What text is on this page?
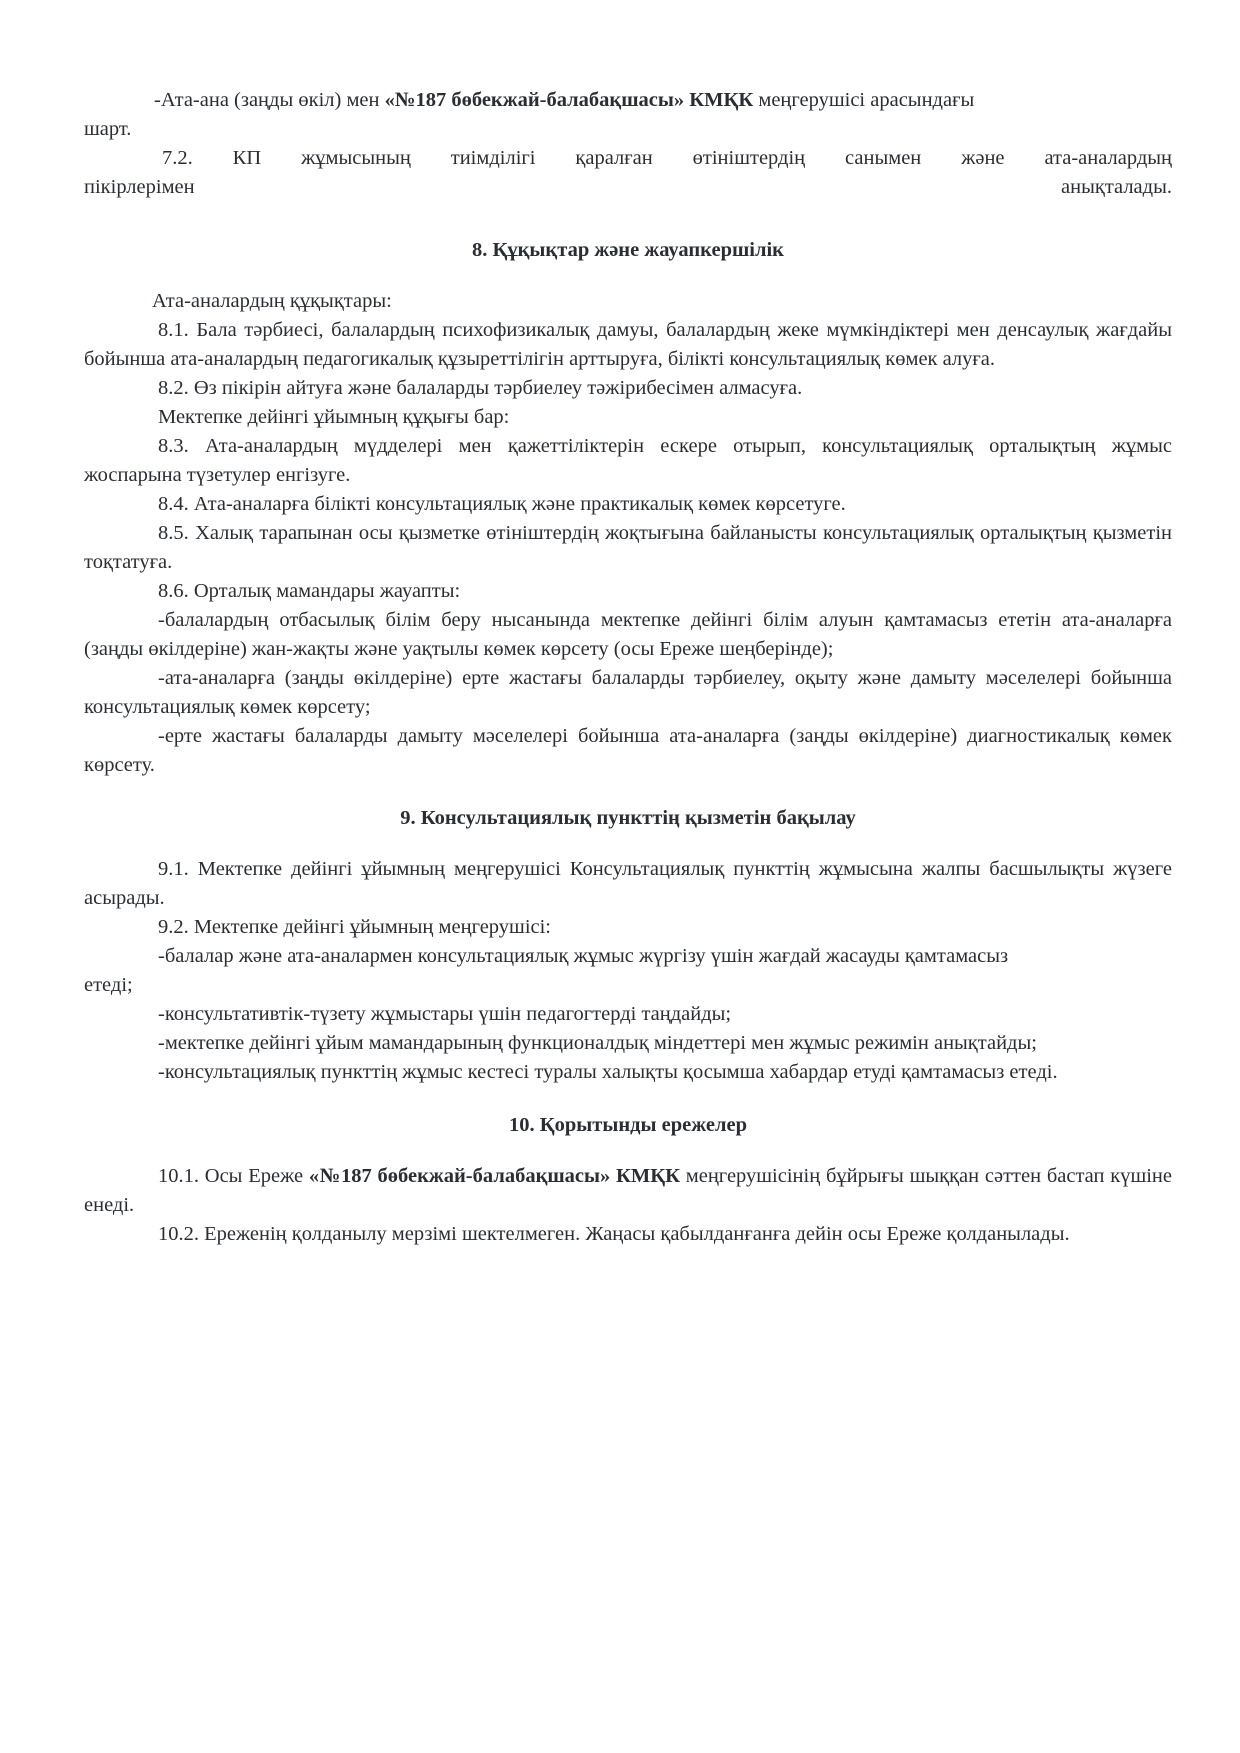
-Ата-ана (заңды өкіл) мен «№187 бөбекжай-балабақшасы» КМҚК меңгерушісі арасындағы

шарт.

7.2. КП жұмысының тиімділігі қаралған өтініштердің санымен және ата-аналардың

пікірлерімен анықталады.

8. Құқықтар және жауапкершілік

Ата-аналардың құқықтары:

8.1. Бала тәрбиесі, балалардың психофизикалық дамуы, балалардың жеке мүмкіндіктері мен денсаулық жағдайы бойынша ата-аналардың педагогикалық құзыреттілігін арттыруға, білікті консультациялық көмек алуға.

8.2. Өз пікірін айтуға және балаларды тәрбиелеу тәжірибесімен алмасуға.

Мектепке дейінгі ұйымның құқығы бар:

8.3. Ата-аналардың мүдделері мен қажеттіліктерін ескере отырып, консультациялық орталықтың жұмыс жоспарына түзетулер енгізуге.

8.4. Ата-аналарға білікті консультациялық және практикалық көмек көрсетуге.

8.5. Халық тарапынан осы қызметке өтініштердің жоқтығына байланысты консультациялық орталықтың қызметін тоқтатуға.

8.6. Орталық мамандары жауапты:

-балалардың отбасылық білім беру нысанында мектепке дейінгі білім алуын қамтамасыз ететін ата-аналарға (заңды өкілдеріне) жан-жақты және уақтылы көмек көрсету (осы Ереже шеңберінде);

-ата-аналарға (заңды өкілдеріне) ерте жастағы балаларды тәрбиелеу, оқыту және дамыту мәселелері бойынша консультациялық көмек көрсету;

-ерте жастағы балаларды дамыту мәселелері бойынша ата-аналарға (заңды өкілдеріне) диагностикалық көмек көрсету.

9. Консультациялық пункттің қызметін бақылау

9.1. Мектепке дейінгі ұйымның меңгерушісі Консультациялық пункттің жұмысына жалпы басшылықты жүзеге асырады.

9.2. Мектепке дейінгі ұйымның меңгерушісі:

-балалар және ата-аналармен консультациялық жұмыс жүргізу үшін жағдай жасауды қамтамасыз етеді;

-консультативтік-түзету жұмыстары үшін педагогтерді таңдайды;

-мектепке дейінгі ұйым мамандарының функционалдық міндеттері мен жұмыс режимін анықтайды;

-консультациялық пункттің жұмыс кестесі туралы халықты қосымша хабардар етуді қамтамасыз етеді.

10. Қорытынды ережелер

10.1. Осы Ереже «№187 бөбекжай-балабақшасы» КМҚК меңгерушісінің бұйрығы шыққан сәттен бастап күшіне енеді.

10.2. Ереженің қолданылу мерзімі шектелмеген. Жаңасы қабылданғанға дейін осы Ереже қолданылады.
